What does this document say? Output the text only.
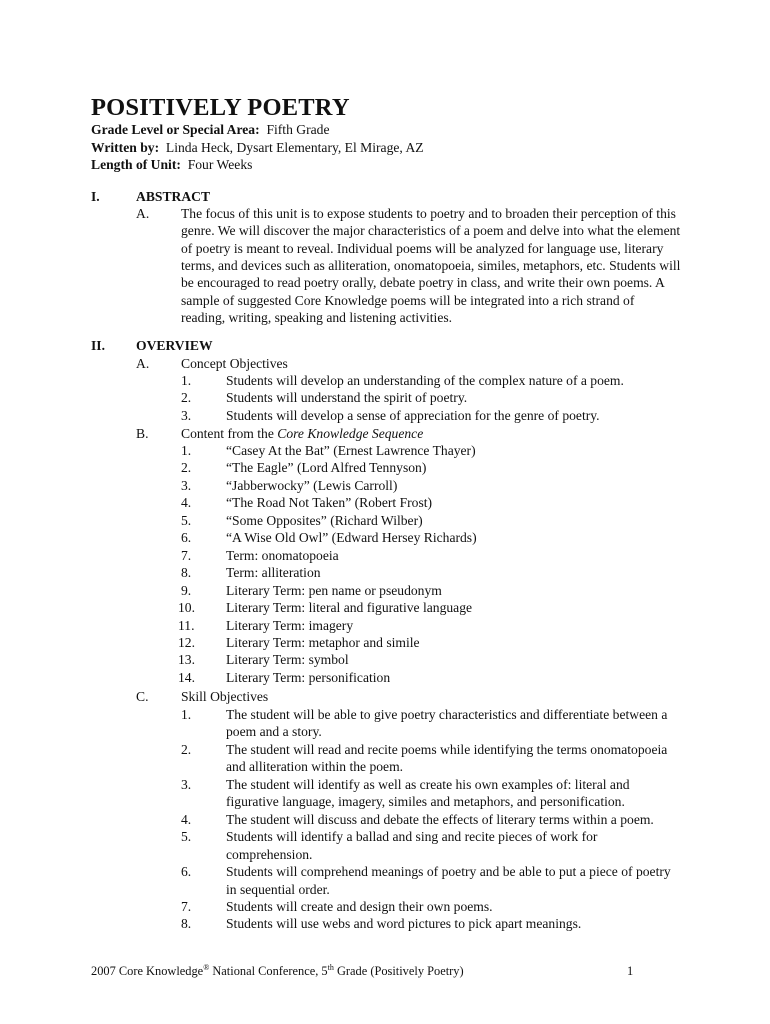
POSITIVELY POETRY
Grade Level or Special Area: Fifth Grade
Written by: Linda Heck, Dysart Elementary, El Mirage, AZ
Length of Unit: Four Weeks
I.	ABSTRACT
A. The focus of this unit is to expose students to poetry and to broaden their perception of this genre. We will discover the major characteristics of a poem and delve into what the element of poetry is meant to reveal. Individual poems will be analyzed for language use, literary terms, and devices such as alliteration, onomatopoeia, similes, metaphors, etc. Students will be encouraged to read poetry orally, debate poetry in class, and write their own poems. A sample of suggested Core Knowledge poems will be integrated into a rich strand of reading, writing, speaking and listening activities.
II. OVERVIEW
A. Concept Objectives
1.	Students will develop an understanding of the complex nature of a poem.
2.	Students will understand the spirit of poetry.
3.	Students will develop a sense of appreciation for the genre of poetry.
B. Content from the Core Knowledge Sequence
1.	“Casey At the Bat” (Ernest Lawrence Thayer)
2.	“The Eagle” (Lord Alfred Tennyson)
3.	“Jabberwocky” (Lewis Carroll)
4.	“The Road Not Taken” (Robert Frost)
5.	“Some Opposites” (Richard Wilber)
6.	“A Wise Old Owl” (Edward Hersey Richards)
7.	Term: onomatopoeia
8.	Term: alliteration
9.	Literary Term: pen name or pseudonym
10. Literary Term: literal and figurative language
11. Literary Term: imagery
12. Literary Term: metaphor and simile
13. Literary Term: symbol
14. Literary Term: personification
C. Skill Objectives
1.	The student will be able to give poetry characteristics and differentiate between a
poem and a story.
2.	The student will read and recite poems while identifying the terms onomatopoeia
and alliteration within the poem.
3.	The student will identify as well as create his own examples of: literal and
figurative language, imagery, similes and metaphors, and personification.
4.	The student will discuss and debate the effects of literary terms within a poem.
5.	Students will identify a ballad and sing and recite pieces of work for
comprehension.
6.	Students will comprehend meanings of poetry and be able to put a piece of poetry
in sequential order.
7.	Students will create and design their own poems.
8.	Students will use webs and word pictures to pick apart meanings.
2007 Core Knowledge® National Conference, 5th Grade (Positively Poetry)	1
